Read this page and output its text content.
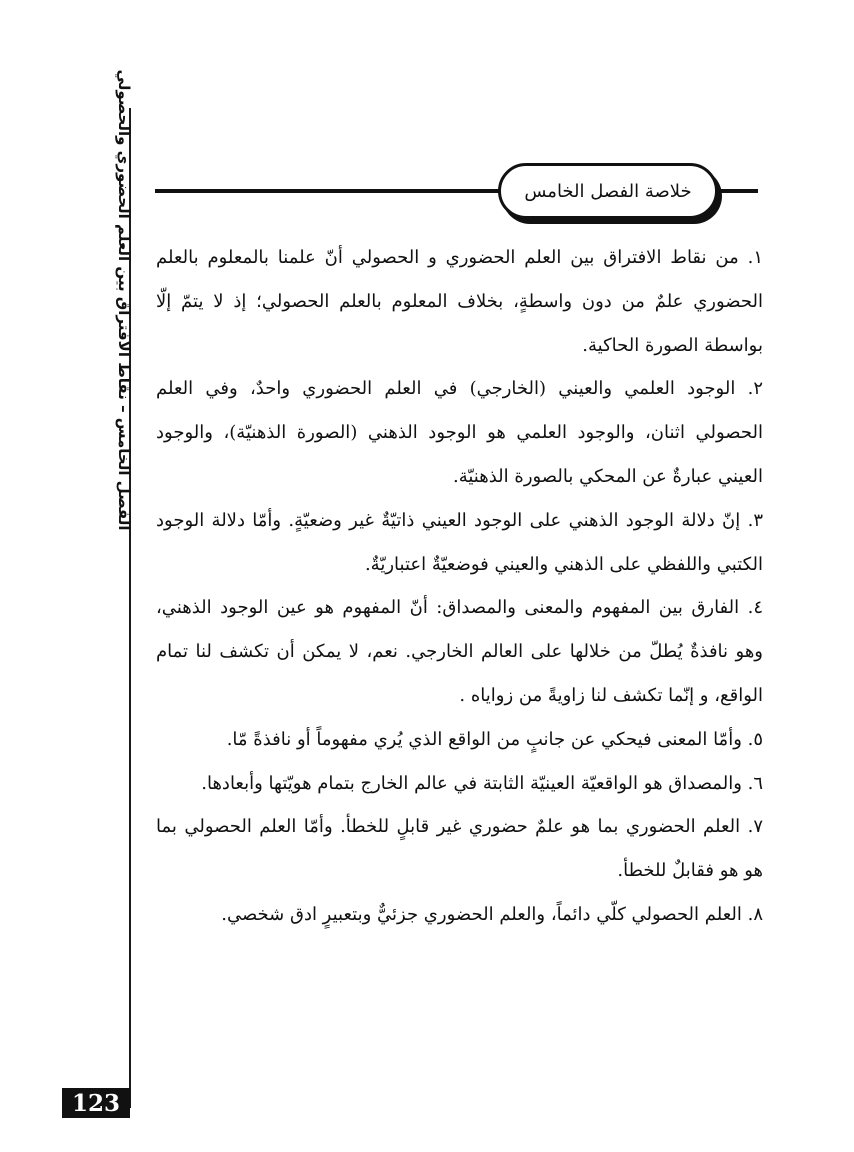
الفصل الخامس – نقاط الافتراق بين العلم الحضوري والحصولي	خلاصة الفصل الخامس

١. من نقاط الافتراق بين العلم الحضوري و الحصولي أنّ علمنا بالمعلوم بالعلم الحضوري علمٌ من دون واسطةٍ، بخلاف المعلوم بالعلم الحصولي؛ إذ لا يتمّ إلّا بواسطة الصورة الحاكية.

٢. الوجود العلمي والعيني (الخارجي) في العلم الحضوري واحدٌ، وفي العلم الحصولي اثنان، والوجود العلمي هو الوجود الذهني (الصورة الذهنيّة)، والوجود العيني عبارةٌ عن المحكي بالصورة الذهنيّة.

٣. إنّ دلالة الوجود الذهني على الوجود العيني ذاتيّةٌ غير وضعيّةٍ. وأمّا دلالة الوجود الكتبي واللفظي على الذهني والعيني فوضعيّةٌ اعتباريّةٌ.

٤. الفارق بين المفهوم والمعنى والمصداق: أنّ المفهوم هو عين الوجود الذهني، وهو نافذةٌ يُطلّ من خلالها على العالم الخارجي. نعم، لا يمكن أن تكشف لنا تمام الواقع، و إنّما تكشف لنا زاويةً من زواياه .

٥. وأمّا المعنى فيحكي عن جانبٍ من الواقع الذي يُري مفهوماً أو نافذةً مّا.

٦. والمصداق هو الواقعيّة العينيّة الثابتة في عالم الخارج بتمام هويّتها وأبعادها.

٧. العلم الحضوري بما هو علمٌ حضوري غير قابلٍ للخطأ. وأمّا العلم الحصولي بما هو هو فقابلٌ للخطأ.

٨. العلم الحصولي كلّي دائماً، والعلم الحضوري جزئيٌّ وبتعبيرٍ ادق شخصي.

123
